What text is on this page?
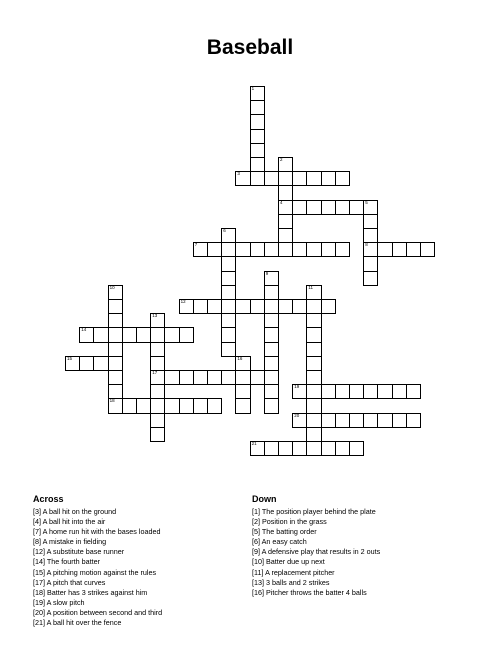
Baseball
1
2
4
3
5
8
6
7
9
10	11
12
13
17
14
15	16
18
19
20
21
Across
[3] A ball hit on the ground
[4] A ball hit into the air
[7] A home run hit with the bases loaded
[8] A mistake in fielding
[12] A substitute base runner
[14] The fourth batter
[15] A pitching motion against the rules
[17] A pitch that curves
[18] Batter has 3 strikes against him
[19] A slow pitch
[20] A position between second and third
[21] A ball hit over the fence
Down
[1] The position player behind the plate
[2] Position in the grass
[5] The batting order
[6] An easy catch
[9] A defensive play that results in 2 outs
[10] Batter due up next
[11] A replacement pitcher
[13] 3 balls and 2 strikes
[16] Pitcher throws the batter 4 balls
